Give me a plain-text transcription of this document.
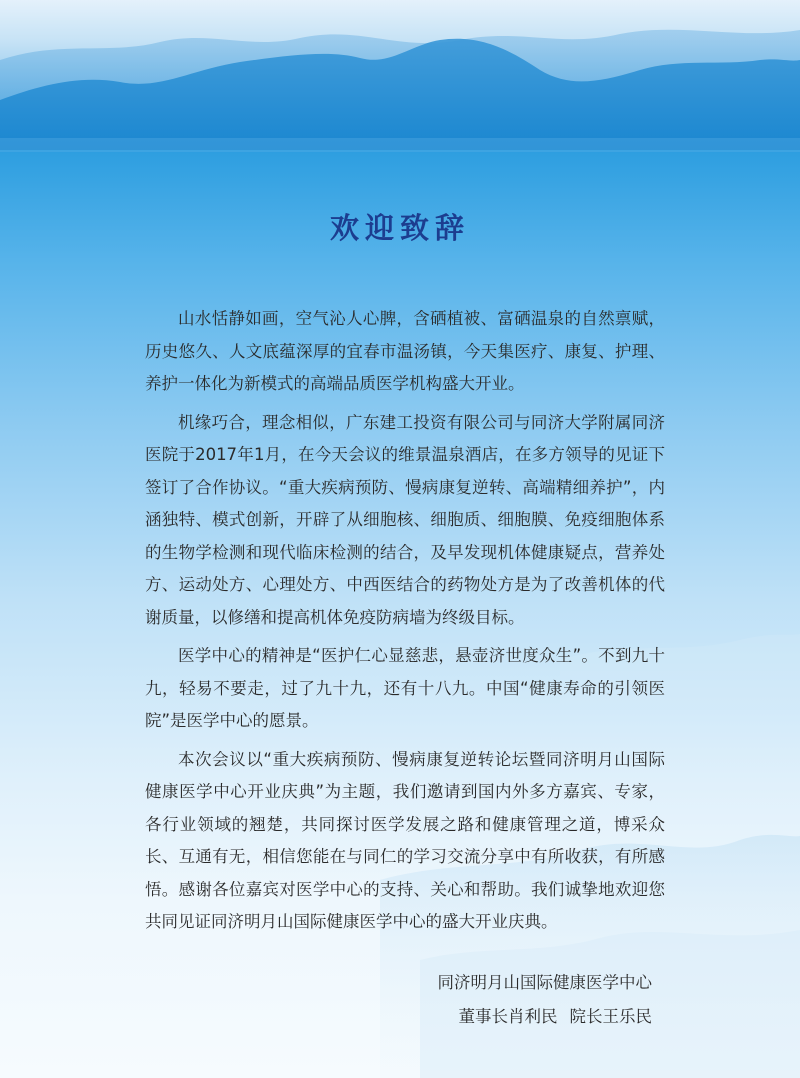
欢迎致辞

山水恬静如画，空气沁人心脾，含硒植被、富硒温泉的自然禀赋，历史悠久、人文底蕴深厚的宜春市温汤镇，今天集医疗、康复、护理、养护一体化为新模式的高端品质医学机构盛大开业。

机缘巧合，理念相似，广东建工投资有限公司与同济大学附属同济医院于2017年1月，在今天会议的维景温泉酒店，在多方领导的见证下签订了合作协议。“重大疾病预防、慢病康复逆转、高端精细养护”，内涵独特、模式创新，开辟了从细胞核、细胞质、细胞膜、免疫细胞体系的生物学检测和现代临床检测的结合，及早发现机体健康疑点，营养处方、运动处方、心理处方、中西医结合的药物处方是为了改善机体的代谢质量，以修缮和提高机体免疫防病墙为终级目标。

医学中心的精神是“医护仁心显慈悲，悬壶济世度众生”。不到九十九，轻易不要走，过了九十九，还有十八九。中国“健康寿命的引领医院”是医学中心的愿景。

本次会议以“重大疾病预防、慢病康复逆转论坛暨同济明月山国际健康医学中心开业庆典”为主题，我们邀请到国内外多方嘉宾、专家，各行业领域的翘楚，共同探讨医学发展之路和健康管理之道，博采众长、互通有无，相信您能在与同仁的学习交流分享中有所收获，有所感悟。感谢各位嘉宾对医学中心的支持、关心和帮助。我们诚挚地欢迎您共同见证同济明月山国际健康医学中心的盛大开业庆典。

同济明月山国际健康医学中心
董事长肖利民 院长王乐民
